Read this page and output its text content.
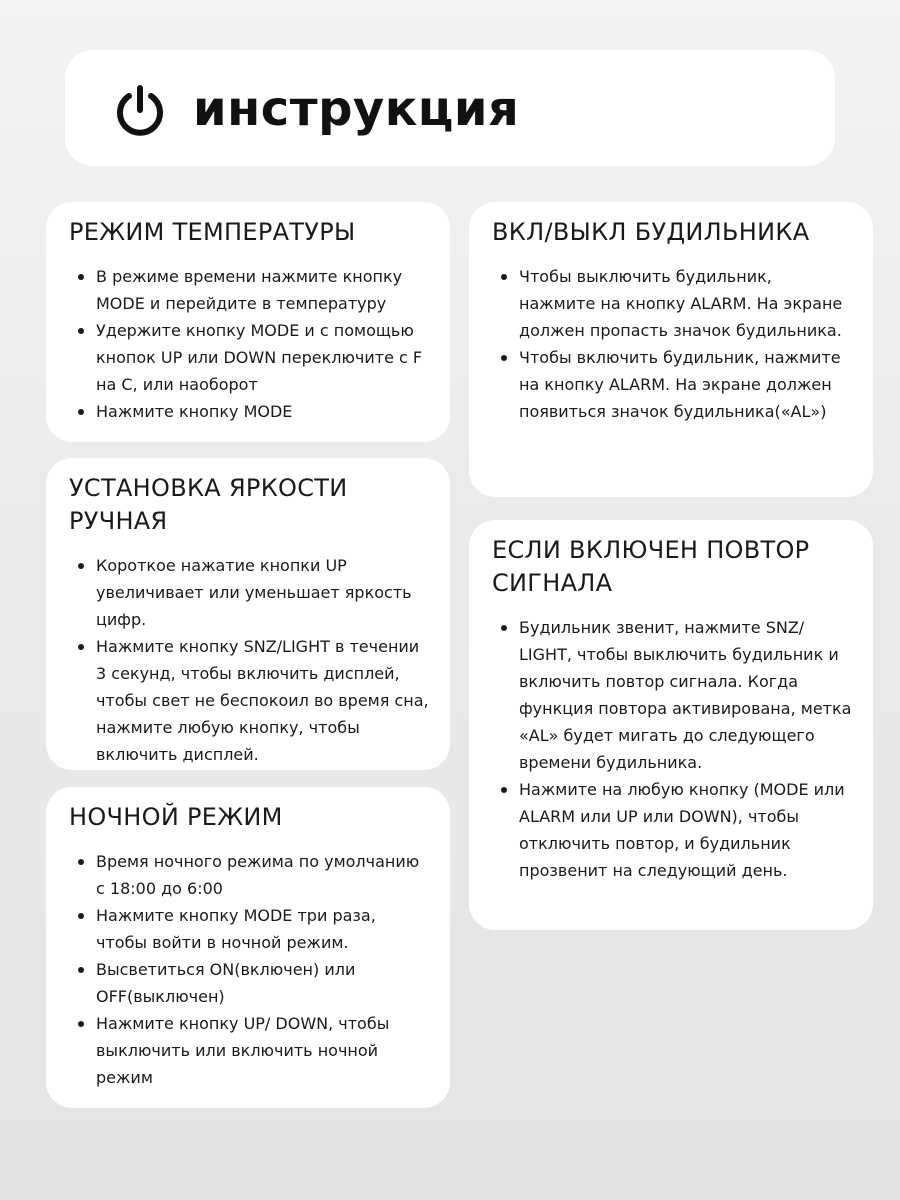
инструкция
РЕЖИМ ТЕМПЕРАТУРЫ
В режиме времени нажмите кнопку MODE и перейдите в температуру
Удержите кнопку MODE и с помощью кнопок UP или DOWN переключите с F на C, или наоборот
Нажмите кнопку MODE
УСТАНОВКА ЯРКОСТИ РУЧНАЯ
Короткое нажатие кнопки UP увеличивает или уменьшает яркость цифр.
Нажмите кнопку SNZ/LIGHT в течении 3 секунд, чтобы включить дисплей, чтобы свет не беспокоил во время сна, нажмите любую кнопку, чтобы включить дисплей.
НОЧНОЙ РЕЖИМ
Время ночного режима по умолчанию с 18:00 до 6:00
Нажмите кнопку MODE три раза, чтобы войти в ночной режим.
Высветиться ON(включен) или OFF(выключен)
Нажмите кнопку UP/ DOWN, чтобы выключить или включить ночной режим
ВКЛ/ВЫКЛ БУДИЛЬНИКА
Чтобы выключить будильник, нажмите на кнопку ALARM. На экране должен пропасть значок будильника.
Чтобы включить будильник, нажмите на кнопку ALARM. На экране должен появиться значок будильника(«AL»)
ЕСЛИ ВКЛЮЧЕН ПОВТОР СИГНАЛА
Будильник звенит, нажмите SNZ/ LIGHT, чтобы выключить будильник и включить повтор сигнала. Когда функция повтора активирована, метка «AL» будет мигать до следующего времени будильника.
Нажмите на любую кнопку (MODE или ALARM или UP или DOWN), чтобы отключить повтор, и будильник прозвенит на следующий день.
